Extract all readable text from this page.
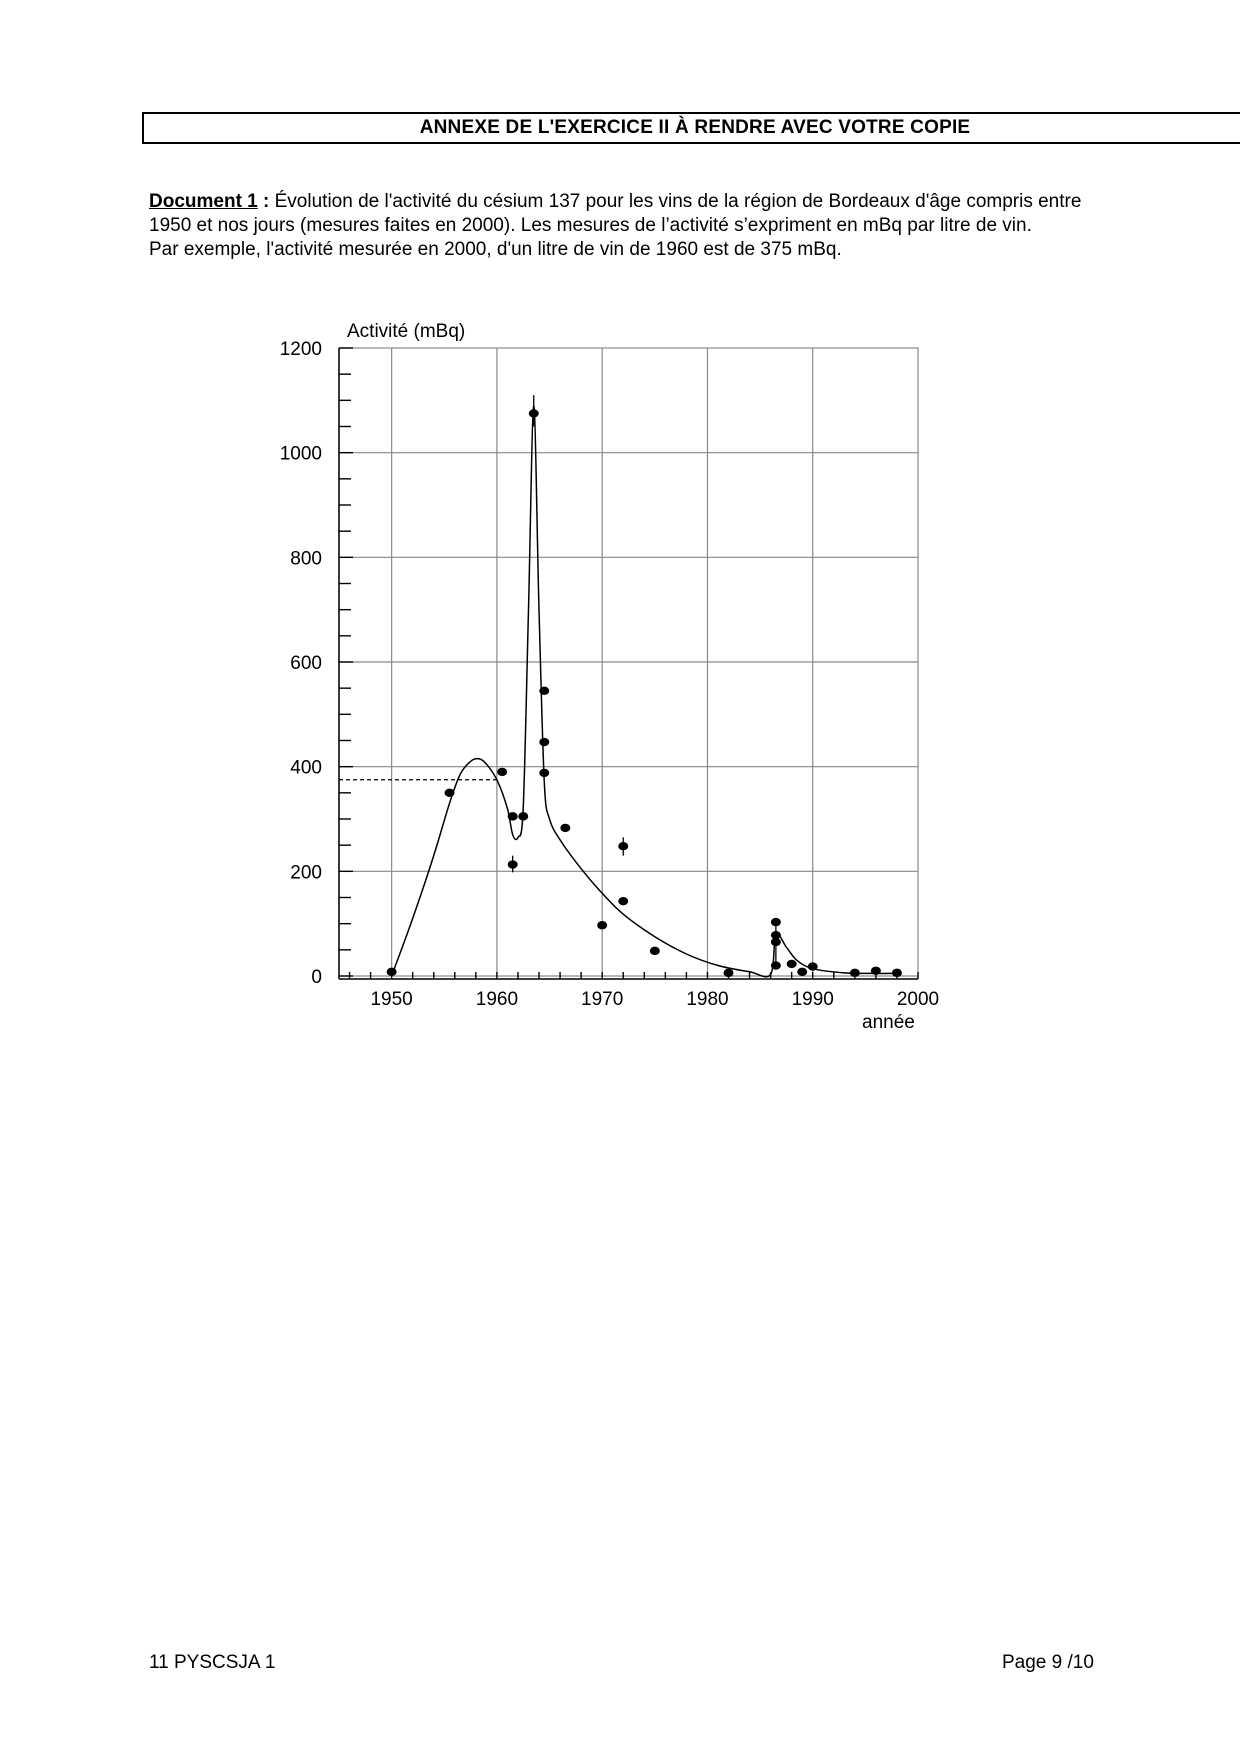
ANNEXE DE L'EXERCICE II À RENDRE AVEC VOTRE COPIE

Document 1 : Évolution de l'activité du césium 137 pour les vins de la région de Bordeaux d'âge compris entre 1950 et nos jours (mesures faites en 2000). Les mesures de l’activité s’expriment en mBq par litre de vin.

Par exemple, l'activité mesurée en 2000, d'un litre de vin de 1960 est de 375 mBq.

0
200
400
600
800
1000
1200
1950	1960	1970	1980	1990	2000
Activité (mBq)
année
11 PYSCSJA 1	Page 9 /10
